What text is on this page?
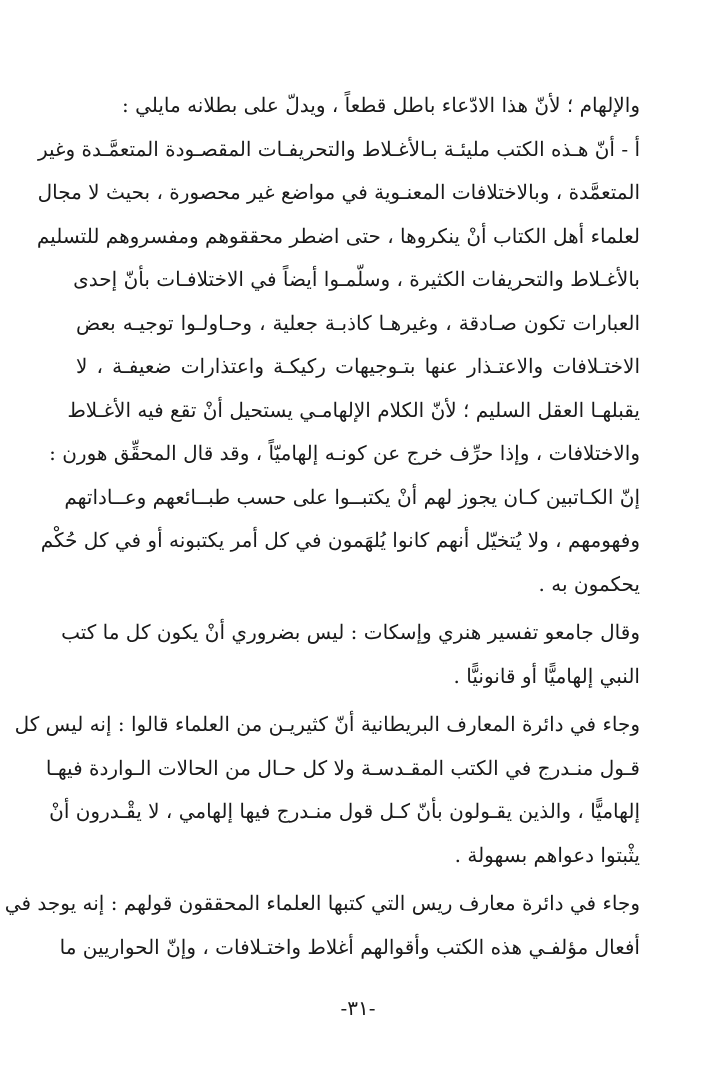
والإلهام ؛ لأنّ هذا الادّعاء باطل قطعاً ، ويدلّ على بطلانه مايلي :
أ - أنّ هـذه الكتب مليئـة بـالأغـلاط والتحريفـات المقصـودة المتعمَّـدة وغير
المتعمَّدة ، وبالاختلافات المعنـوية في مواضع غير محصورة ، بحيث لا مجال
لعلماء أهل الكتاب أنْ ينكروها ، حتى اضطر محققوهم ومفسروهم للتسليم
بالأغـلاط والتحريفات الكثيرة ، وسلّمـوا أيضاً في الاختلافـات بأنّ إحدى
العبارات تكون صـادقة ، وغيرهـا كاذبـة جعلية ، وحـاولـوا توجيـه بعض
الاختـلافات والاعتـذار عنها بتـوجيهات ركيكـة واعتذارات ضعيفـة ، لا
يقبلهـا العقل السليم ؛ لأنّ الكلام الإلهامـي يستحيل أنْ تقع فيه الأغـلاط
والاختلافات ، وإذا حرِّف خرج عن كونـه إلهاميّاً ، وقد قال المحقِّق هورن :
إنّ الكـاتبين كـان يجوز لهم أنْ يكتبــوا على حسب طبــائعهم وعــاداتهم
وفهومهم ، ولا يُتخيّل أنهم كانوا يُلهَمون في كل أمر يكتبونه أو في كل حُكْم
يحكمون به .
وقال جامعو تفسير هنري وإسكات : ليس بضروري أنْ يكون كل ما كتب
النبي إلهاميًّا أو قانونيًّا .
وجاء في دائرة المعارف البريطانية أنّ كثيريـن من العلماء قالوا : إنه ليس كل
قـول منـدرج في الكتب المقـدسـة ولا كل حـال من الحالات الـواردة فيهـا
إلهاميًّا ، والذين يقـولون بأنّ كـل قول منـدرج فيها إلهامي ، لا يقْـدرون أنْ
يثْبتوا دعواهم بسهولة .
وجاء في دائرة معارف ريس التي كتبها العلماء المحققون قولهم : إنه يوجد في
أفعال مؤلفـي هذه الكتب وأقوالهم أغلاط واختـلافات ، وإنّ الحواريين ما
-٣١-
